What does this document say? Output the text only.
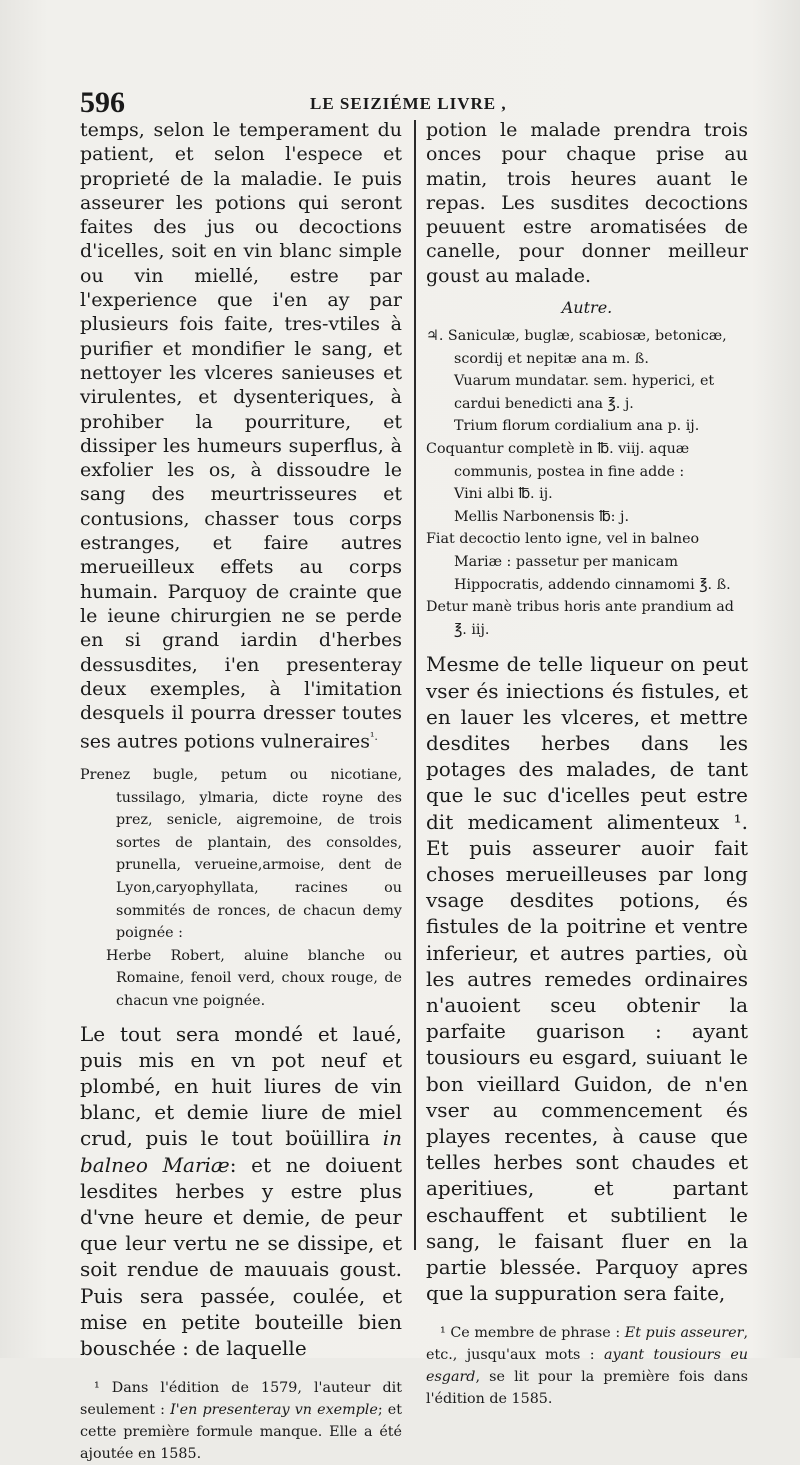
596	LE SEIZIÉME LIVRE ,

temps, selon le temperament du patient, et selon l'espece et proprieté de la maladie. Ie puis asseurer les potions qui seront faites des jus ou decoctions d'icelles, soit en vin blanc simple ou vin miellé, estre par l'experience que i'en ay par plusieurs fois faite, tres-vtiles à purifier et mondifier le sang, et nettoyer les vlceres sanieuses et virulentes, et dysenteriques, à prohiber la pourriture, et dissiper les humeurs superflus, à exfolier les os, à dissoudre le sang des meurtrisseures et contusions, chasser tous corps estranges, et faire autres merueilleux effets au corps humain. Parquoy de crainte que le ieune chirurgien ne se perde en si grand iardin d'herbes dessusdites, i'en presenteray deux exemples, à l'imitation desquels il pourra dresser toutes ses autres potions vulneraires$^{^1.}$

Prenez bugle, petum ou nicotiane, tussilago, ylmaria, dicte royne des prez, senicle, aigremoine, de trois sortes de plantain, des consoldes, prunella, verueine,armoise, dent de Lyon,caryophyllata, racines ou sommités de ronces, de chacun demy poignée :

Herbe Robert, aluine blanche ou Romaine, fenoil verd, choux rouge, de chacun vne poignée.

Le tout sera mondé et laué, puis mis en vn pot neuf et plombé, en huit liures de vin blanc, et demie liure de miel crud, puis le tout boüillira in balneo Mariæ: et ne doiuent lesdites herbes y estre plus d'vne heure et demie, de peur que leur vertu ne se dissipe, et soit rendue de mauuais goust. Puis sera passée, coulée, et mise en petite bouteille bien bouschée : de laquelle

¹ Dans l'édition de 1579, l'auteur dit seulement : I'en presenteray vn exemple; et cette première formule manque. Elle a été ajoutée en 1585.

potion le malade prendra trois onces pour chaque prise au matin, trois heures auant le repas. Les susdites decoctions peuuent estre aromatisées de canelle, pour donner meilleur goust au malade.

Autre.

♃. Saniculæ, buglæ, scabiosæ, betonicæ, scordij et nepitæ ana m. ß.

Vuarum mundatar. sem. hyperici, et cardui benedicti ana ℥. j.

Trium florum cordialium ana p. ij.

Coquantur completè in ℔. viij. aquæ communis, postea in fine adde :

Vini albi ℔. ij.

Mellis Narbonensis ℔: j.

Fiat decoctio lento igne, vel in balneo Mariæ : passetur per manicam Hippocratis, addendo cinnamomi ℥. ß.

Detur manè tribus horis ante prandium ad ℥. iij.

Mesme de telle liqueur on peut vser és iniections és fistules, et en lauer les vlceres, et mettre desdites herbes dans les potages des malades, de tant que le suc d'icelles peut estre dit medicament alimenteux ¹. Et puis asseurer auoir fait choses merueilleuses par long vsage desdites potions, és fistules de la poitrine et ventre inferieur, et autres parties, où les autres remedes ordinaires n'auoient sceu obtenir la parfaite guarison : ayant tousiours eu esgard, suiuant le bon vieillard Guidon, de n'en vser au commencement és playes recentes, à cause que telles herbes sont chaudes et aperitiues, et partant eschauffent et subtilient le sang, le faisant fluer en la partie blessée. Parquoy apres que la suppuration sera faite,

¹ Ce membre de phrase : Et puis asseurer, etc., jusqu'aux mots : ayant tousiours eu esgard, se lit pour la première fois dans l'édition de 1585.
